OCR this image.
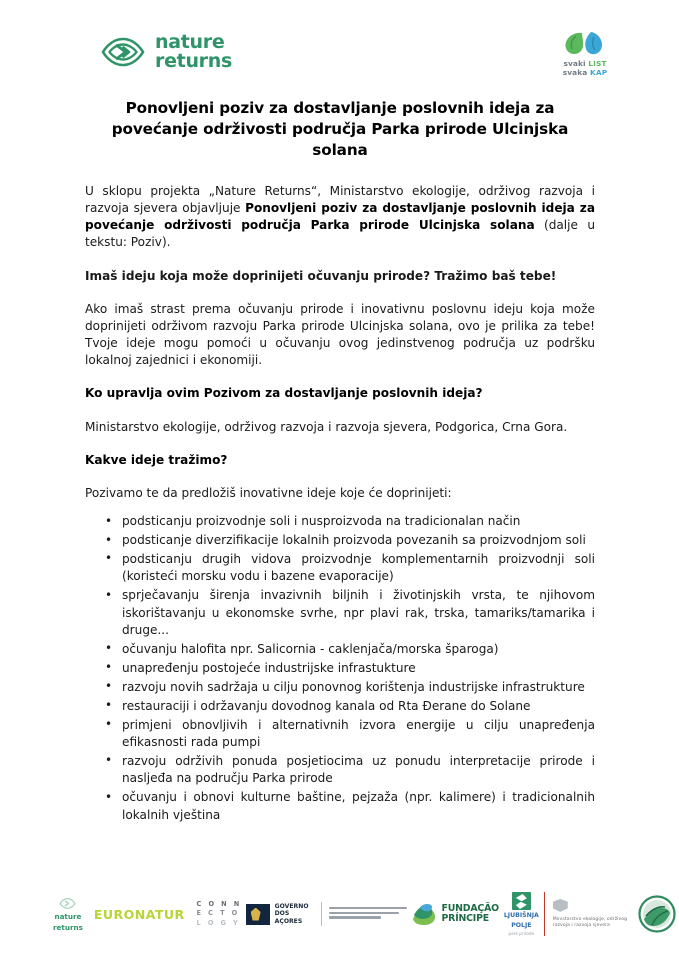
nature
returns	svaki LIST
svaka KAP
Ponovljeni poziv za dostavljanje poslovnih ideja za povećanje održivosti područja Parka prirode Ulcinjska solana

U sklopu projekta „Nature Returns“, Ministarstvo ekologije, održivog razvoja i razvoja sjevera objavljuje Ponovljeni poziv za dostavljanje poslovnih ideja za povećanje održivosti područja Parka prirode Ulcinjska solana (dalje u tekstu: Poziv).

Imaš ideju koja može doprinijeti očuvanju prirode? Tražimo baš tebe!

Ako imaš strast prema očuvanju prirode i inovativnu poslovnu ideju koja može doprinijeti održivom razvoju Parka prirode Ulcinjska solana, ovo je prilika za tebe! Tvoje ideje mogu pomoći u očuvanju ovog jedinstvenog područja uz podršku lokalnoj zajednici i ekonomiji.

Ko upravlja ovim Pozivom za dostavljanje poslovnih ideja?

Ministarstvo ekologije, održivog razvoja i razvoja sjevera, Podgorica, Crna Gora.

Kakve ideje tražimo?

Pozivamo te da predložiš inovativne ideje koje će doprinijeti:

• podsticanju proizvodnje soli i nusproizvoda na tradicionalan način
• podsticanje diverzifikacije lokalnih proizvoda povezanih sa proizvodnjom soli
• podsticanju drugih vidova proizvodnje komplementarnih proizvodnji soli (koristeći morsku vodu i bazene evaporacije)
• sprječavanju širenja invazivnih biljnih i životinjskih vrsta, te njihovom iskorištavanju u ekonomske svrhe, npr plavi rak, trska, tamariks/tamarika i druge...
• očuvanju halofita npr. Salicornia - caklenjača/morska šparoga)
• unapređenju postojeće industrijske infrastukture
• razvoju novih sadržaja u cilju ponovnog korištenja industrijske infrastrukture
• restauraciji i održavanju dovodnog kanala od Rta Đerane do Solane
• primjeni obnovljivih i alternativnih izvora energije u cilju unapređenja efikasnosti rada pumpi
• razvoju održivih ponuda posjetiocima uz ponudu interpretacije prirode i nasljeđa na području Parka prirode
• očuvanju i obnovi kulturne baštine, pejzaža (npr. kalimere) i tradicionalnih lokalnih vještina
nature
returns
EURONATUR
C O N N
E C T O
L O G Y
GOVERNO
DOS AÇORES
FUNDAÇÃO
PRÍNCIPE	LJUBIŠNJA
POLJE
park prirode
Ministarstvo ekologije, održivog razvoja i razvoja sjevera
